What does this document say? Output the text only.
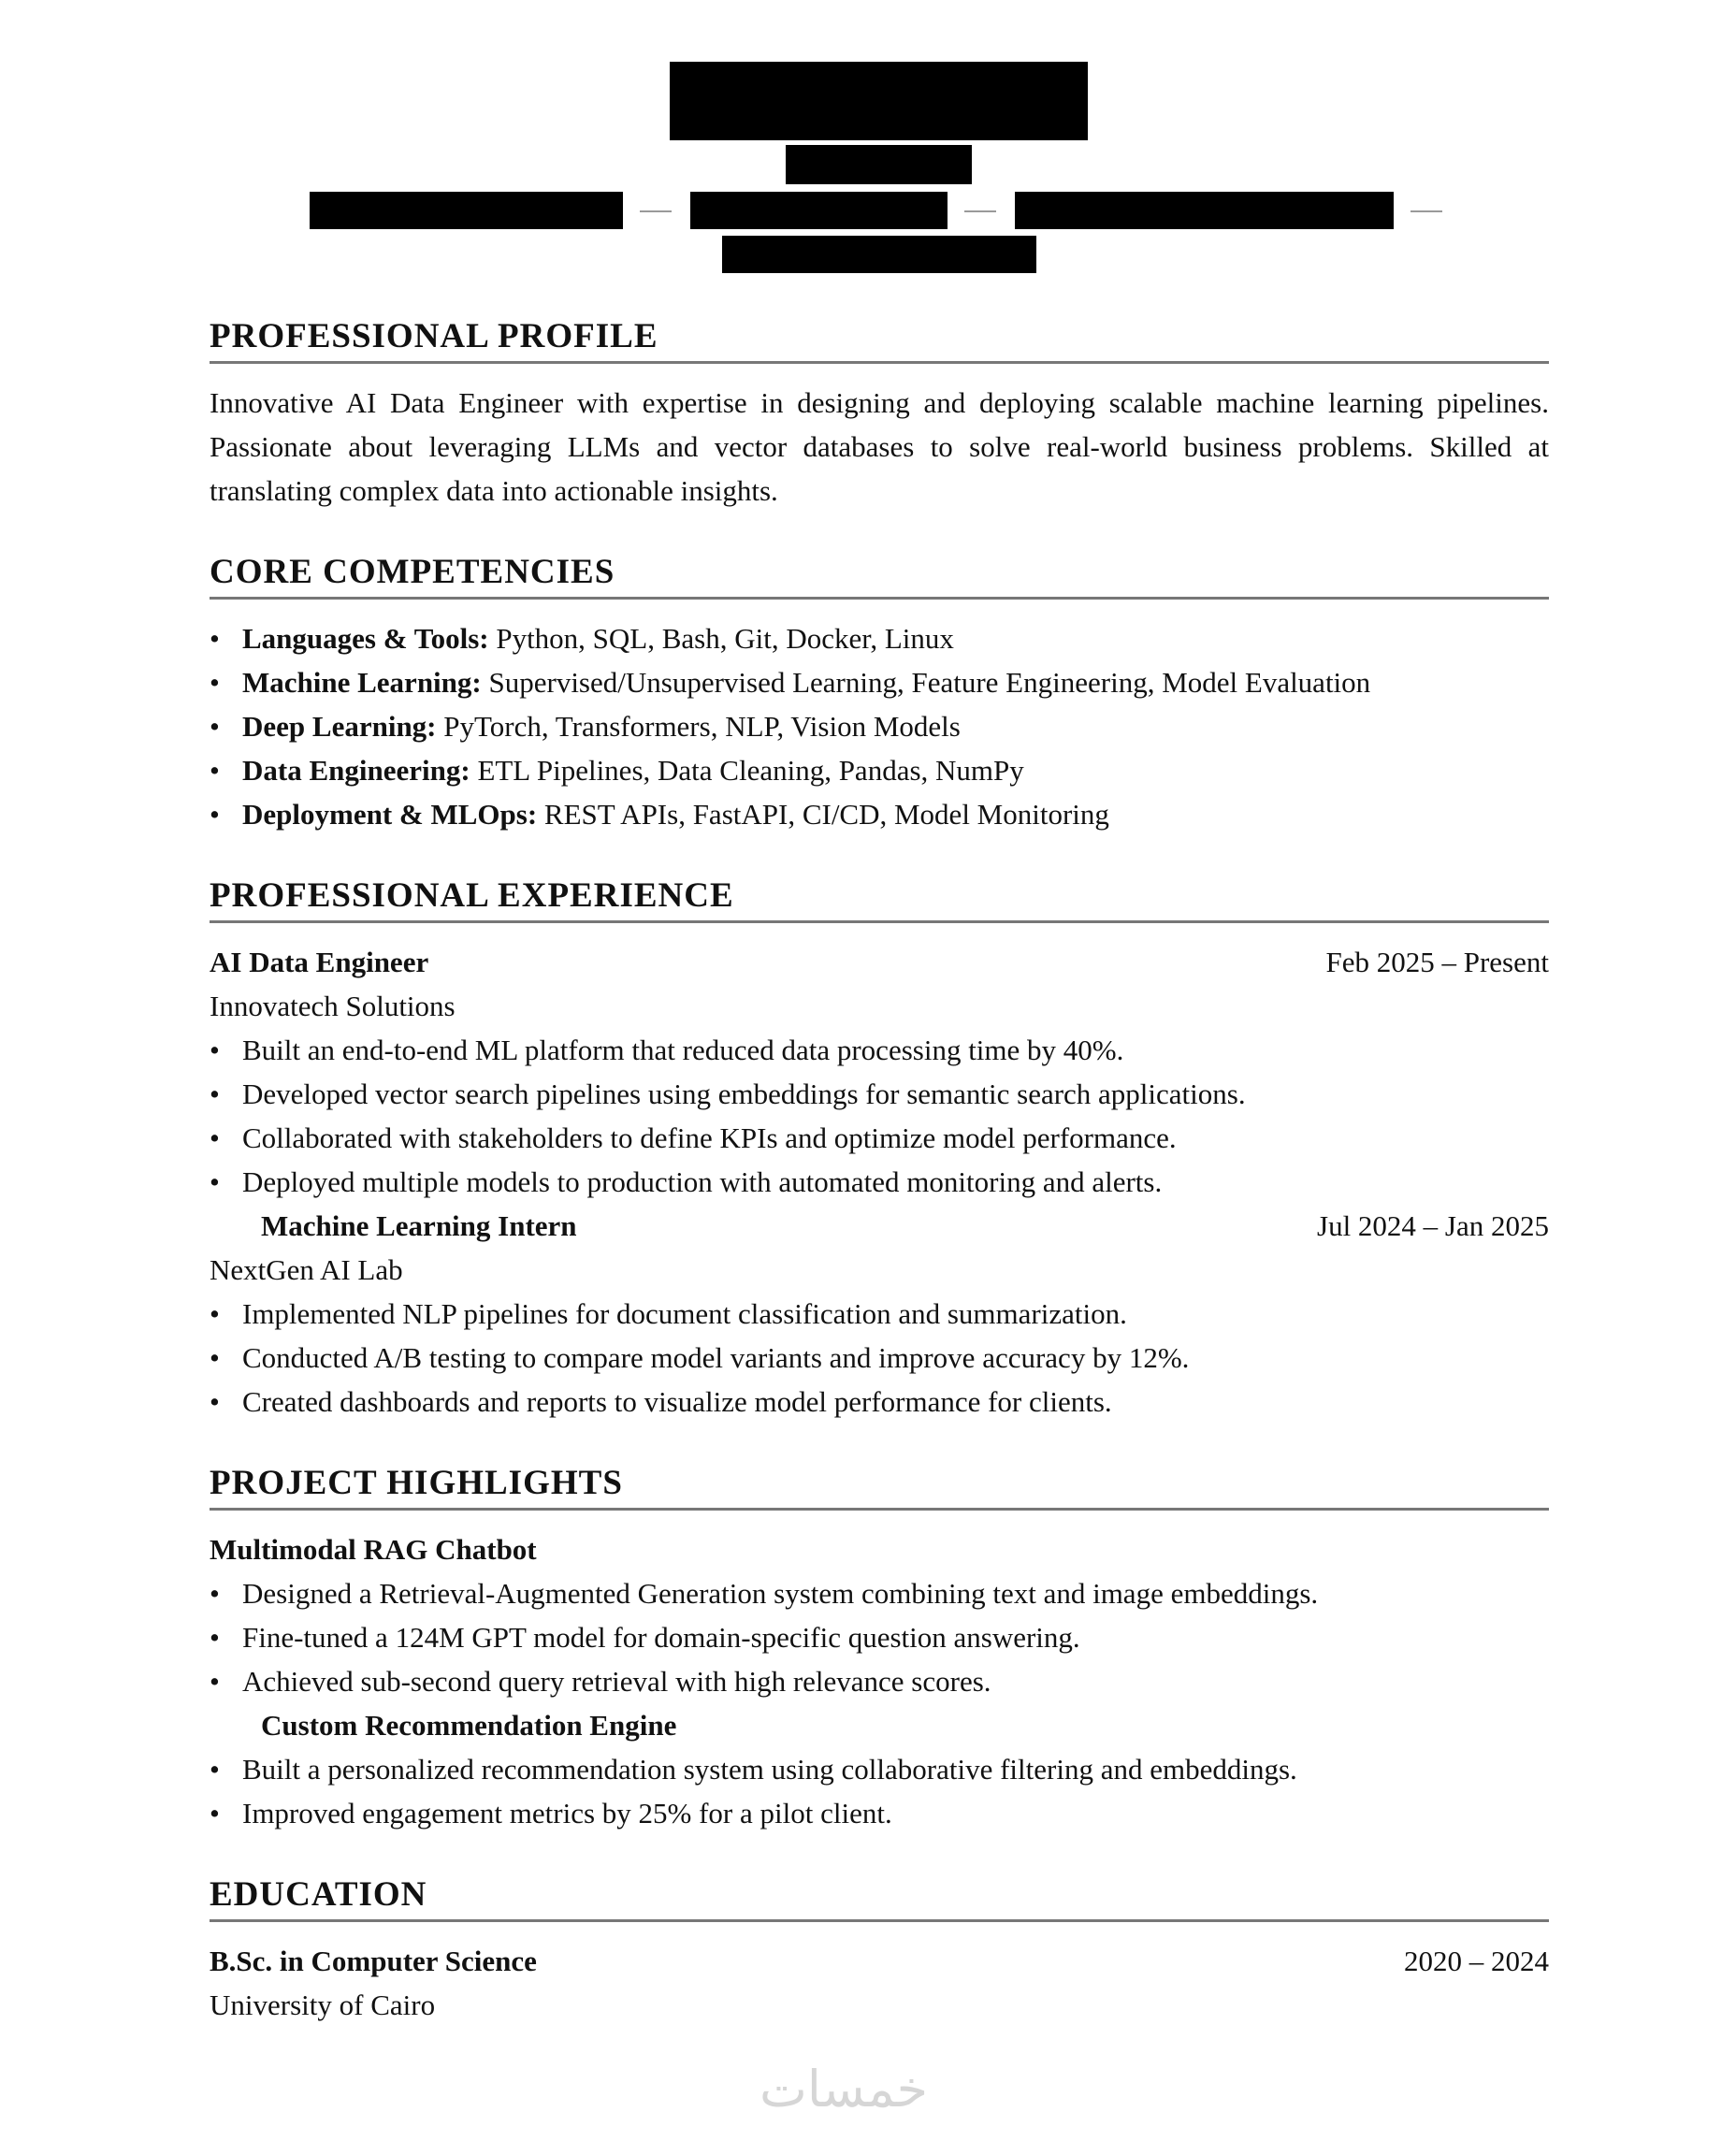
PROFESSIONAL PROFILE
Innovative AI Data Engineer with expertise in designing and deploying scalable machine learning pipelines. Passionate about leveraging LLMs and vector databases to solve real-world business problems. Skilled at translating complex data into actionable insights.
CORE COMPETENCIES
• Languages & Tools: Python, SQL, Bash, Git, Docker, Linux
• Machine Learning: Supervised/Unsupervised Learning, Feature Engineering, Model Evaluation
• Deep Learning: PyTorch, Transformers, NLP, Vision Models
• Data Engineering: ETL Pipelines, Data Cleaning, Pandas, NumPy
• Deployment & MLOps: REST APIs, FastAPI, CI/CD, Model Monitoring
PROFESSIONAL EXPERIENCE
AI Data Engineer	Feb 2025 – Present
Innovatech Solutions
• Built an end-to-end ML platform that reduced data processing time by 40%.
• Developed vector search pipelines using embeddings for semantic search applications.
• Collaborated with stakeholders to define KPIs and optimize model performance.
• Deployed multiple models to production with automated monitoring and alerts.
Machine Learning Intern	Jul 2024 – Jan 2025
NextGen AI Lab
• Implemented NLP pipelines for document classification and summarization.
• Conducted A/B testing to compare model variants and improve accuracy by 12%.
• Created dashboards and reports to visualize model performance for clients.
PROJECT HIGHLIGHTS
Multimodal RAG Chatbot
• Designed a Retrieval-Augmented Generation system combining text and image embeddings.
• Fine-tuned a 124M GPT model for domain-specific question answering.
• Achieved sub-second query retrieval with high relevance scores.
Custom Recommendation Engine
• Built a personalized recommendation system using collaborative filtering and embeddings.
• Improved engagement metrics by 25% for a pilot client.
EDUCATION
B.Sc. in Computer Science	2020 – 2024
University of Cairo
خمسات
